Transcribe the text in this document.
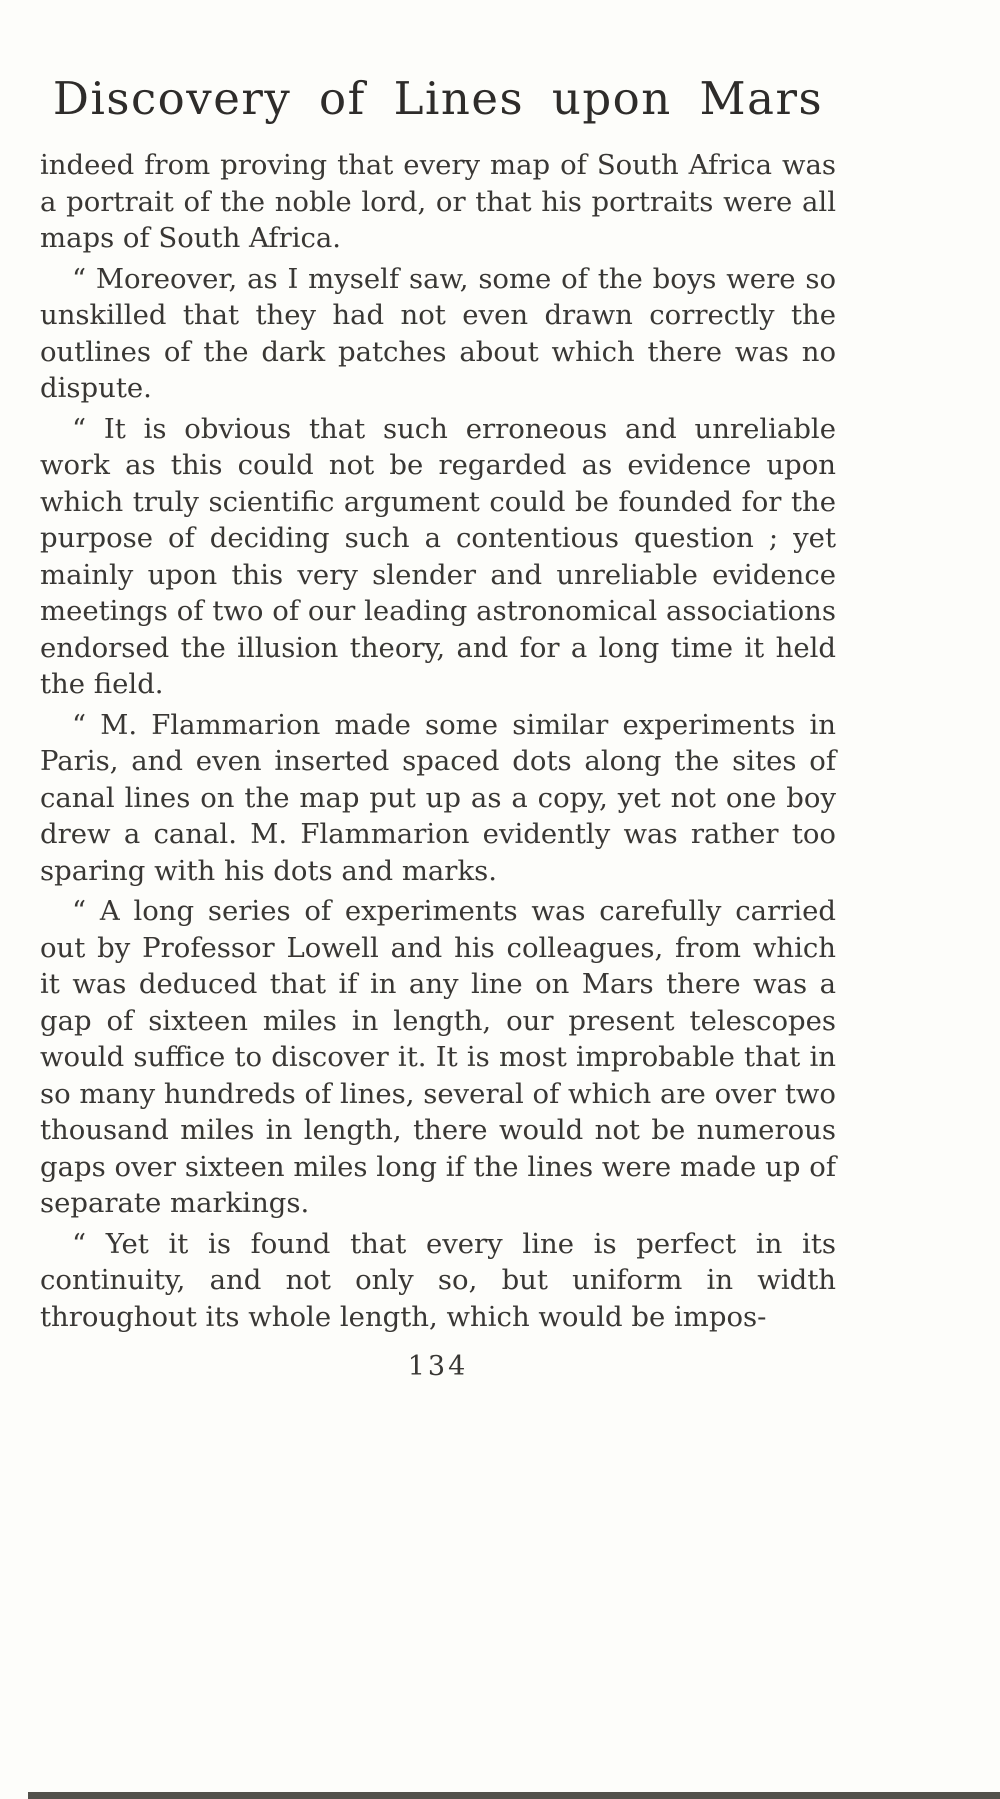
Discovery of Lines upon Mars

indeed from proving that every map of South Africa was a portrait of the noble lord, or that his portraits were all maps of South Africa.

“ Moreover, as I myself saw, some of the boys were so unskilled that they had not even drawn correctly the outlines of the dark patches about which there was no dispute.

“ It is obvious that such erroneous and unreliable work as this could not be regarded as evidence upon which truly scientific argument could be founded for the purpose of deciding such a contentious question ; yet mainly upon this very slender and unreliable evidence meetings of two of our leading astronomical associations endorsed the illusion theory, and for a long time it held the field.

“ M. Flammarion made some similar experiments in Paris, and even inserted spaced dots along the sites of canal lines on the map put up as a copy, yet not one boy drew a canal. M. Flammarion evidently was rather too sparing with his dots and marks.

“ A long series of experiments was carefully carried out by Professor Lowell and his colleagues, from which it was deduced that if in any line on Mars there was a gap of sixteen miles in length, our present telescopes would suffice to discover it. It is most improbable that in so many hundreds of lines, several of which are over two thousand miles in length, there would not be numerous gaps over sixteen miles long if the lines were made up of separate markings.

“ Yet it is found that every line is perfect in its continuity, and not only so, but uniform in width throughout its whole length, which would be impos-

134
